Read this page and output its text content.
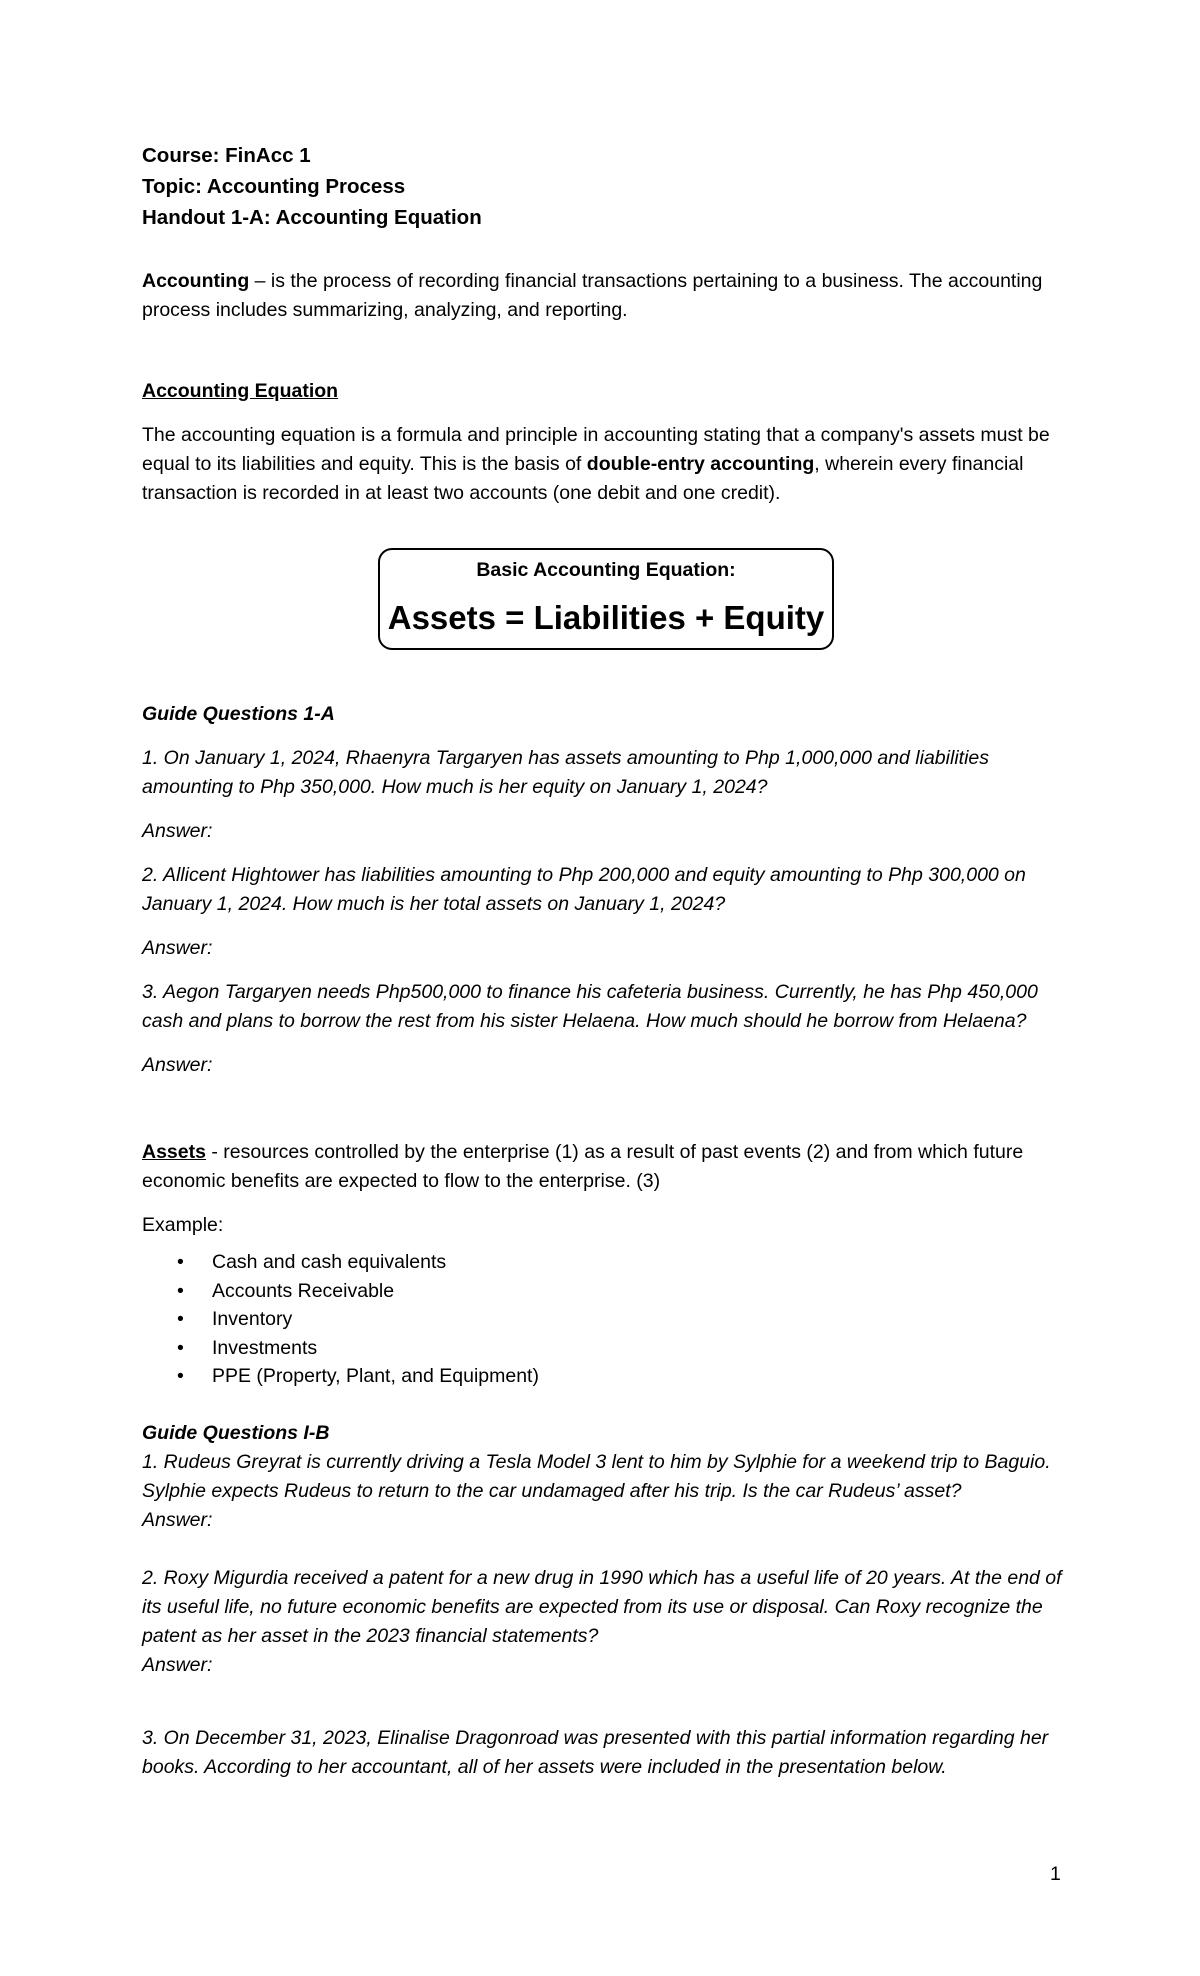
Course: FinAcc 1

Topic: Accounting Process

Handout 1-A: Accounting Equation

Accounting – is the process of recording financial transactions pertaining to a business. The accounting process includes summarizing, analyzing, and reporting.

Accounting Equation

The accounting equation is a formula and principle in accounting stating that a company's assets must be equal to its liabilities and equity. This is the basis of double-entry accounting, wherein every financial transaction is recorded in at least two accounts (one debit and one credit).

Basic Accounting Equation:
Assets = Liabilities + Equity

Guide Questions 1-A

1. On January 1, 2024, Rhaenyra Targaryen has assets amounting to Php 1,000,000 and liabilities amounting to Php 350,000. How much is her equity on January 1, 2024?

Answer:

2. Allicent Hightower has liabilities amounting to Php 200,000 and equity amounting to Php 300,000 on January 1, 2024. How much is her total assets on January 1, 2024?

Answer:

3. Aegon Targaryen needs Php500,000 to finance his cafeteria business. Currently, he has Php 450,000 cash and plans to borrow the rest from his sister Helaena. How much should he borrow from Helaena?

Answer:

Assets - resources controlled by the enterprise (1) as a result of past events (2) and from which future economic benefits are expected to flow to the enterprise. (3)

Example:

• Cash and cash equivalents
• Accounts Receivable
• Inventory
• Investments
• PPE (Property, Plant, and Equipment)

Guide Questions I-B

1. Rudeus Greyrat is currently driving a Tesla Model 3 lent to him by Sylphie for a weekend trip to Baguio. Sylphie expects Rudeus to return to the car undamaged after his trip. Is the car Rudeus’ asset?

Answer:

2. Roxy Migurdia received a patent for a new drug in 1990 which has a useful life of 20 years. At the end of its useful life, no future economic benefits are expected from its use or disposal. Can Roxy recognize the patent as her asset in the 2023 financial statements?

Answer:

3. On December 31, 2023, Elinalise Dragonroad was presented with this partial information regarding her books. According to her accountant, all of her assets were included in the presentation below.

1
